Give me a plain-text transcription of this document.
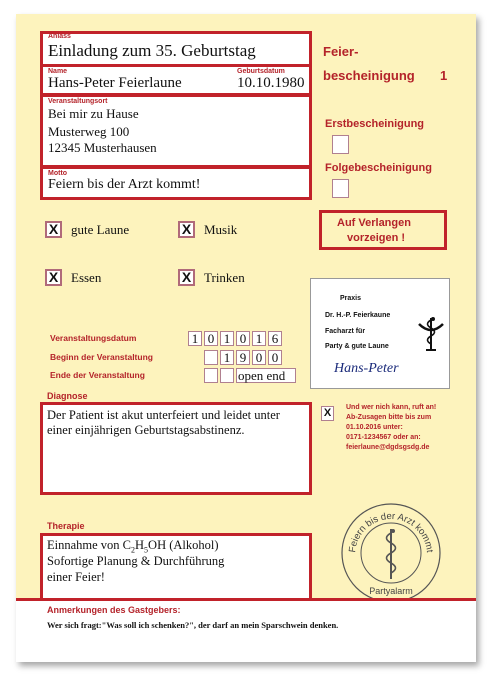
Anlass
Einladung zum 35. Geburtstag
Name
Hans-Peter Feierlaune
Geburtsdatum
10.10.1980
Veranstaltungsort
Bei mir zu Hause
Musterweg 100
12345 Musterhausen
Motto
Feiern bis der Arzt kommt!
Feier-
bescheinigung 1
Erstbescheinigung
Folgebescheinigung
Auf Verlangen
vorzeigen !
X gute Laune	X Musik
X Essen	X Trinken
Praxis
Dr. H.-P. Feierkaune
Facharzt für
Party & gute Laune
Hans-Peter
Veranstaltungsdatum	1 0 1 0 1 6
Beginn der Veranstaltung	1 9 0 0
Ende der Veranstaltung	open end
Diagnose
Der Patient ist akut unterfeiert und leidet unter einer einjährigen Geburtstagsabstinenz.
X	Und wer nich kann, ruft an!
Ab-Zusagen bitte bis zum
01.10.2016 unter:
0171-1234567 oder an:
feierlaune@dgdsgsdg.de
Therapie
Einnahme von $C_2H_5OH$ (Alkohol)
Sofortige Planung & Durchführung
einer Feier!
Feiern bis der Arzt kommt
Partyalarm
Anmerkungen des Gastgebers:
Wer sich fragt:"Was soll ich schenken?", der darf an mein Sparschwein denken.
